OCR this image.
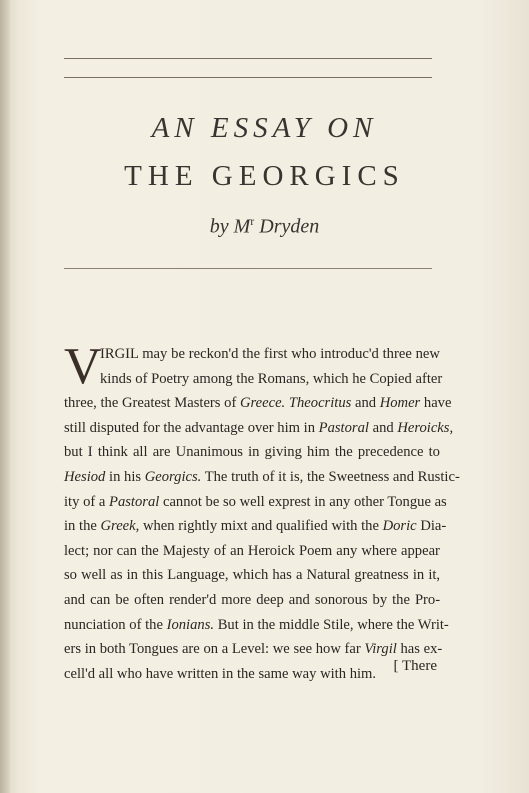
AN ESSAY ON
THE GEORGICS
by $M^r$ Dryden
V
IRGIL may be reckon'd the first who introduc'd three new
kinds of Poetry among the Romans, which he Copied after
three, the Greatest Masters of Greece. Theocritus and Homer have
still disputed for the advantage over him in Pastoral and Heroicks,
but I think all are Unanimous in giving him the precedence to
Hesiod in his Georgics. The truth of it is, the Sweetness and Rustic-
ity of a Pastoral cannot be so well exprest in any other Tongue as
in the Greek, when rightly mixt and qualified with the Doric Dia-
lect; nor can the Majesty of an Heroick Poem any where appear
so well as in this Language, which has a Natural greatness in it,
and can be often render'd more deep and sonorous by the Pro-
nunciation of the Ionians. But in the middle Stile, where the Writ-
ers in both Tongues are on a Level: we see how far Virgil has ex-
cell'd all who have written in the same way with him.	[ There
